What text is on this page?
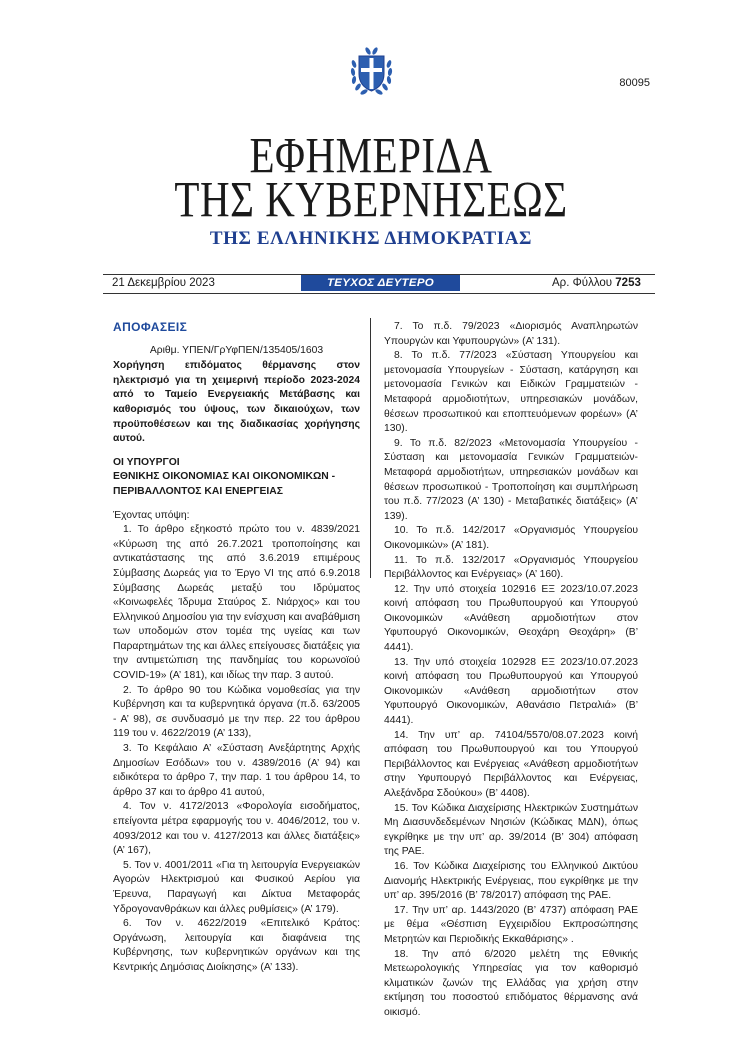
80095
ΕΦΗΜΕΡΙΔΑ
ΤΗΣ ΚΥΒΕΡΝΗΣΕΩΣ
ΤΗΣ ΕΛΛΗΝΙΚΗΣ ΔΗΜΟΚΡΑΤΙΑΣ
21 Δεκεμβρίου 2023	ΤΕΥΧΟΣ ΔΕΥΤΕΡΟ	Αρ. Φύλλου 7253
ΑΠΟΦΑΣΕΙΣ
Αριθμ. ΥΠΕΝ/ΓρΥφΠΕΝ/135405/1603
Χορήγηση επιδόματος θέρμανσης στον ηλεκτρισμό για τη χειμερινή περίοδο 2023-2024 από το Ταμείο Ενεργειακής Μετάβασης και καθορισμός του ύψους, των δικαιούχων, των προϋποθέσεων και της διαδικασίας χορήγησης αυτού.
ΟΙ ΥΠΟΥΡΓΟΙ
ΕΘΝΙΚΗΣ ΟΙΚΟΝΟΜΙΑΣ ΚΑΙ ΟΙΚΟΝΟΜΙΚΩΝ -
ΠΕΡΙΒΑΛΛΟΝΤΟΣ ΚΑΙ ΕΝΕΡΓΕΙΑΣ

Έχοντας υπόψη:

1. Το άρθρο εξηκοστό πρώτο του ν. 4839/2021 «Κύρωση της από 26.7.2021 τροποποίησης και αντικατάστασης της από 3.6.2019 επιμέρους Σύμβασης Δωρεάς για το Έργο VI της από 6.9.2018 Σύμβασης Δωρεάς μεταξύ του Ιδρύματος «Κοινωφελές Ίδρυμα Σταύρος Σ. Νιάρχος» και του Ελληνικού Δημοσίου για την ενίσχυση και αναβάθμιση των υποδομών στον τομέα της υγείας και των Παραρτημάτων της και άλλες επείγουσες διατάξεις για την αντιμετώπιση της πανδημίας του κορωνοϊού COVID-19» (Α’ 181), και ιδίως την παρ. 3 αυτού.

2. Το άρθρο 90 του Κώδικα νομοθεσίας για την Κυβέρνηση και τα κυβερνητικά όργανα (π.δ. 63/2005 - Α’ 98), σε συνδυασμό με την περ. 22 του άρθρου 119 του ν. 4622/2019 (Α’ 133),

3. Το Κεφάλαιο Α’ «Σύσταση Ανεξάρτητης Αρχής Δημοσίων Εσόδων» του ν. 4389/2016 (Α’ 94) και ειδικότερα το άρθρο 7, την παρ. 1 του άρθρου 14, το άρθρο 37 και το άρθρο 41 αυτού,

4. Τον ν. 4172/2013 «Φορολογία εισοδήματος, επείγοντα μέτρα εφαρμογής του ν. 4046/2012, του ν. 4093/2012 και του ν. 4127/2013 και άλλες διατάξεις» (Α’ 167),

5. Τον ν. 4001/2011 «Για τη λειτουργία Ενεργειακών Αγορών Ηλεκτρισμού και Φυσικού Αερίου για Έρευνα, Παραγωγή και Δίκτυα Μεταφοράς Υδρογονανθράκων και άλλες ρυθμίσεις» (Α’ 179).

6. Τον ν. 4622/2019 «Επιτελικό Κράτος: Οργάνωση, λειτουργία και διαφάνεια της Κυβέρνησης, των κυβερνητικών οργάνων και της Κεντρικής Δημόσιας Διοίκησης» (Α’ 133).

7. Το π.δ. 79/2023 «Διορισμός Αναπληρωτών Υπουργών και Υφυπουργών» (Α’ 131).

8. Το π.δ. 77/2023 «Σύσταση Υπουργείου και μετονομασία Υπουργείων - Σύσταση, κατάργηση και μετονομασία Γενικών και Ειδικών Γραμματειών - Μεταφορά αρμοδιοτήτων, υπηρεσιακών μονάδων, θέσεων προσωπικού και εποπτευόμενων φορέων» (Α’ 130).

9. Το π.δ. 82/2023 «Μετονομασία Υπουργείου - Σύσταση και μετονομασία Γενικών Γραμματειών- Μεταφορά αρμοδιοτήτων, υπηρεσιακών μονάδων και θέσεων προσωπικού - Τροποποίηση και συμπλήρωση του π.δ. 77/2023 (Α’ 130) - Μεταβατικές διατάξεις» (Α’ 139).

10. Το π.δ. 142/2017 «Οργανισμός Υπουργείου Οικονομικών» (Α’ 181).

11. Το π.δ. 132/2017 «Οργανισμός Υπουργείου Περιβάλλοντος και Ενέργειας» (Α’ 160).

12. Την υπό στοιχεία 102916 ΕΞ 2023/10.07.2023 κοινή απόφαση του Πρωθυπουργού και Υπουργού Οικονομικών «Ανάθεση αρμοδιοτήτων στον Υφυπουργό Οικονομικών, Θεοχάρη Θεοχάρη» (Β’ 4441).

13. Την υπό στοιχεία 102928 ΕΞ 2023/10.07.2023 κοινή απόφαση του Πρωθυπουργού και Υπουργού Οικονομικών «Ανάθεση αρμοδιοτήτων στον Υφυπουργό Οικονομικών, Αθανάσιο Πετραλιά» (Β’ 4441).

14. Την υπ’ αρ. 74104/5570/08.07.2023 κοινή απόφαση του Πρωθυπουργού και του Υπουργού Περιβάλλοντος και Ενέργειας «Ανάθεση αρμοδιοτήτων στην Υφυπουργό Περιβάλλοντος και Ενέργειας, Αλεξάνδρα Σδούκου» (Β’ 4408).

15. Τον Κώδικα Διαχείρισης Ηλεκτρικών Συστημάτων Μη Διασυνδεδεμένων Νησιών (Κώδικας ΜΔΝ), όπως εγκρίθηκε με την υπ’ αρ. 39/2014 (Β’ 304) απόφαση της ΡΑΕ.

16. Τον Κώδικα Διαχείρισης του Ελληνικού Δικτύου Διανομής Ηλεκτρικής Ενέργειας, που εγκρίθηκε με την υπ’ αρ. 395/2016 (Β’ 78/2017) απόφαση της ΡΑΕ.

17. Την υπ’ αρ. 1443/2020 (Β’ 4737) απόφαση ΡΑΕ με θέμα «Θέσπιση Εγχειριδίου Εκπροσώπησης Μετρητών και Περιοδικής Εκκαθάρισης» .

18. Την από 6/2020 μελέτη της Εθνικής Μετεωρολογικής Υπηρεσίας για τον καθορισμό κλιματικών ζωνών της Ελλάδας για χρήση στην εκτίμηση του ποσοστού επιδόματος θέρμανσης ανά οικισμό.
